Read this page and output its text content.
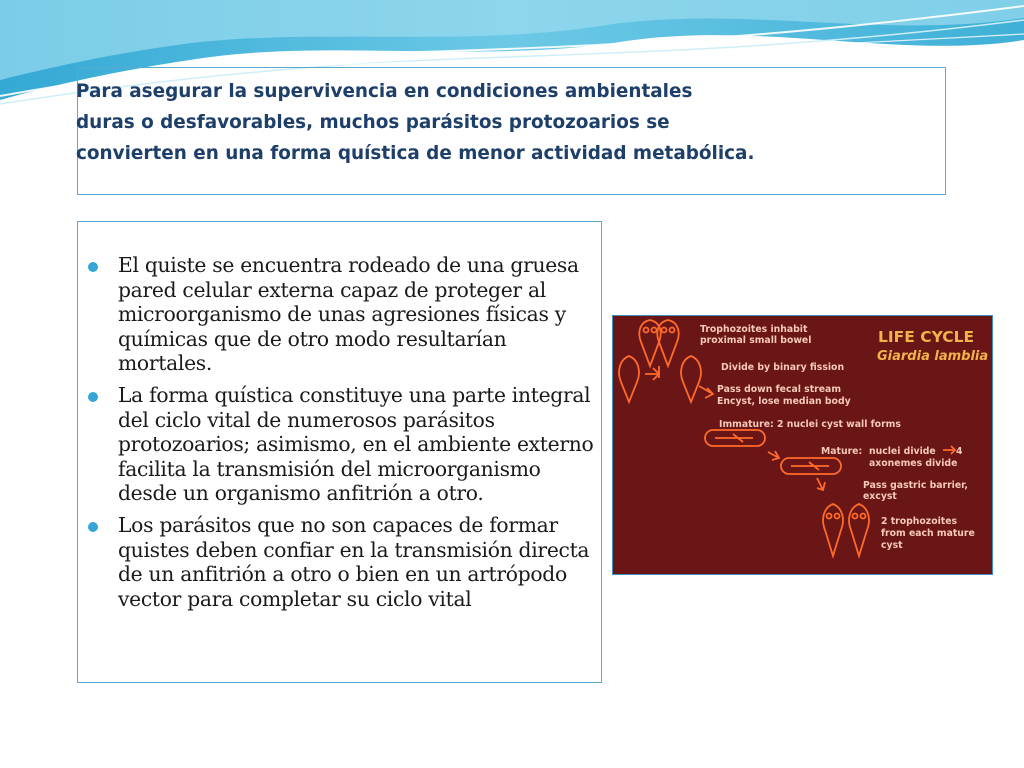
Para asegurar la supervivencia en condiciones ambientales
duras o desfavorables, muchos parásitos protozoarios se
convierten en una forma quística de menor actividad metabólica.
El quiste se encuentra rodeado de una gruesa pared celular externa capaz de proteger al microorganismo de unas agresiones físicas y químicas que de otro modo resultarían mortales.
La forma quística constituye una parte integral del ciclo vital de numerosos parásitos protozoarios; asimismo, en el ambiente externo facilita la transmisión del microorganismo desde un organismo anfitrión a otro.
Los parásitos que no son capaces de formar quistes deben confiar en la transmisión directa de un anfitrión a otro o bien en un artrópodo vector para completar su ciclo vital
LIFE CYCLE
Giardia lamblia
Trophozoites inhabit
proximal small bowel
Divide by binary fission
Pass down fecal stream
Encyst, lose median body
Immature: 2 nuclei cyst wall forms
Mature: nuclei divide 4
axonemes divide
Pass gastric barrier,
excyst
2 trophozoites
from each mature
cyst
